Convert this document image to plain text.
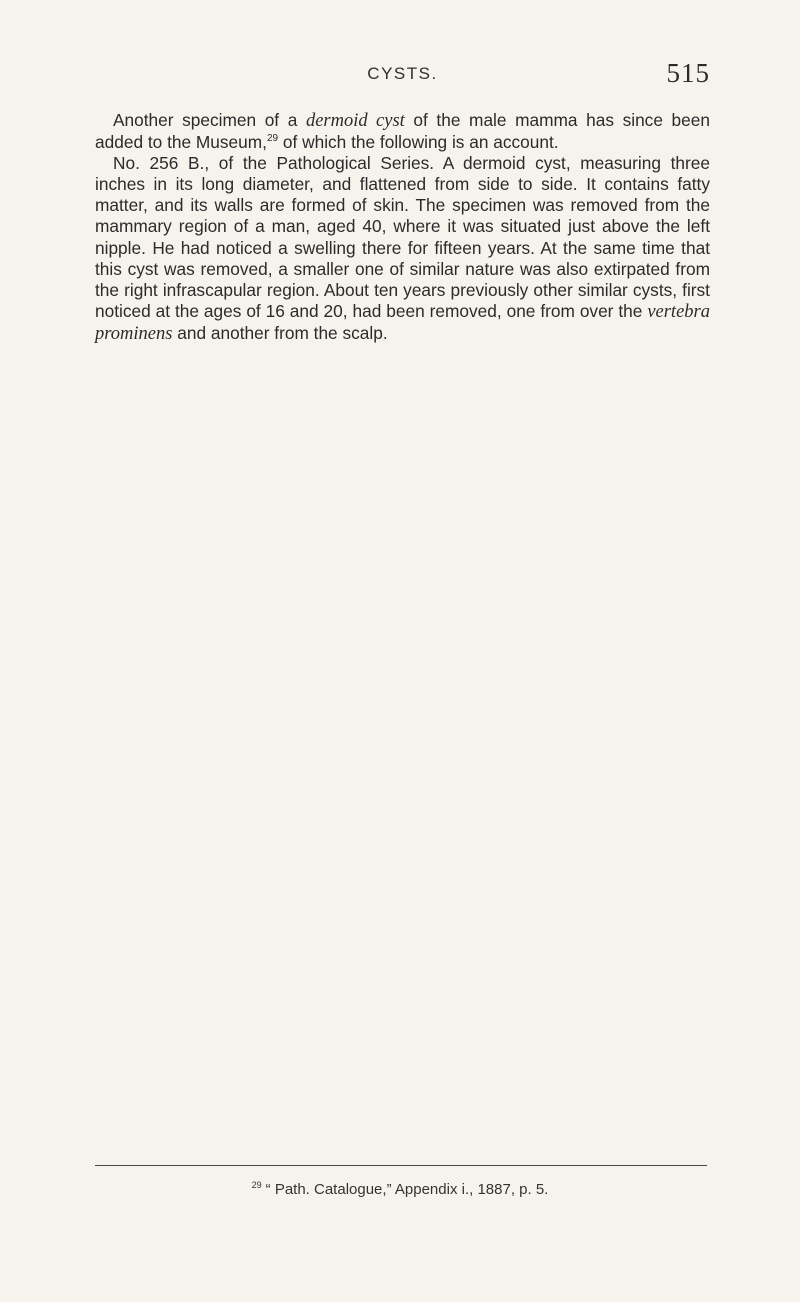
CYSTS.	515

Another specimen of a dermoid cyst of the male mamma has since been added to the Museum,$^{29}$ of which the following is an account.

No. 256 B., of the Pathological Series. A dermoid cyst, measuring three inches in its long diameter, and flattened from side to side. It contains fatty matter, and its walls are formed of skin. The specimen was removed from the mammary region of a man, aged 40, where it was situated just above the left nipple. He had noticed a swelling there for fifteen years. At the same time that this cyst was removed, a smaller one of similar nature was also extirpated from the right infrascapular region. About ten years previously other similar cysts, first noticed at the ages of 16 and 20, had been removed, one from over the vertebra prominens and another from the scalp.

$^{29}$ “ Path. Catalogue,” Appendix i., 1887, p. 5.
